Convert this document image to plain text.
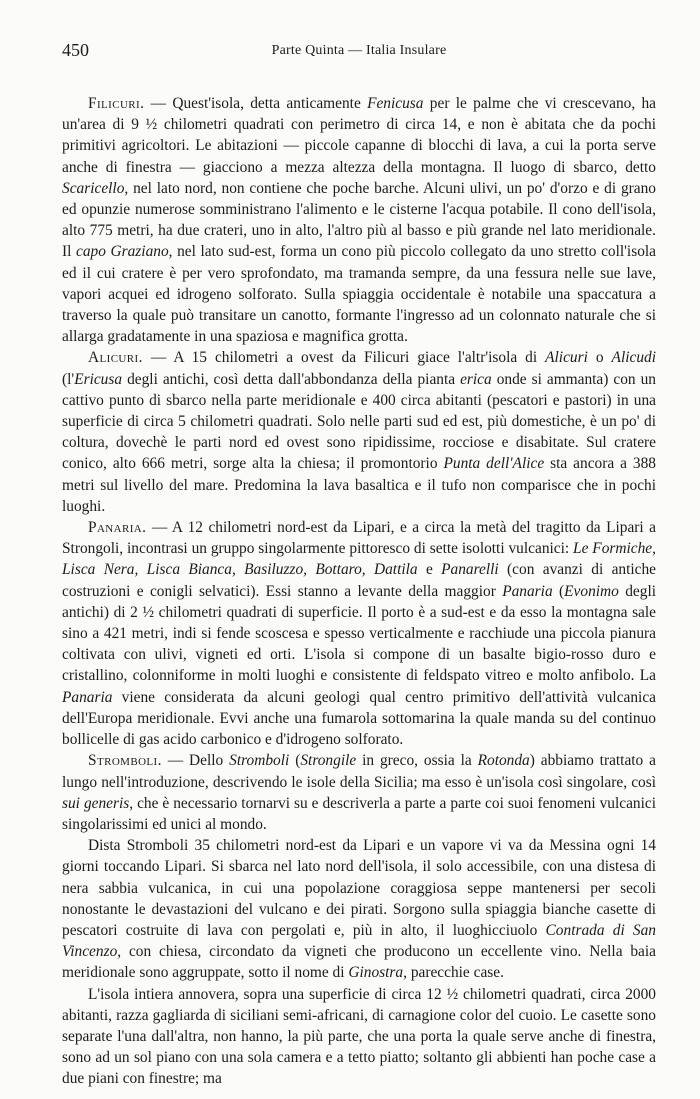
450	Parte Quinta — Italia Insulare

Filicuri. — Quest'isola, detta anticamente Fenicusa per le palme che vi crescevano, ha un'area di 9 ½ chilometri quadrati con perimetro di circa 14, e non è abitata che da pochi primitivi agricoltori. Le abitazioni — piccole capanne di blocchi di lava, a cui la porta serve anche di finestra — giacciono a mezza altezza della montagna. Il luogo di sbarco, detto Scaricello, nel lato nord, non contiene che poche barche. Alcuni ulivi, un po' d'orzo e di grano ed opunzie numerose somministrano l'alimento e le cisterne l'acqua potabile. Il cono dell'isola, alto 775 metri, ha due crateri, uno in alto, l'altro più al basso e più grande nel lato meridionale. Il capo Graziano, nel lato sud-est, forma un cono più piccolo collegato da uno stretto coll'isola ed il cui cratere è per vero sprofondato, ma tramanda sempre, da una fessura nelle sue lave, vapori acquei ed idrogeno solforato. Sulla spiaggia occidentale è notabile una spaccatura a traverso la quale può transitare un canotto, formante l'ingresso ad un colonnato naturale che si allarga gradatamente in una spaziosa e magnifica grotta.

Alicuri. — A 15 chilometri a ovest da Filicuri giace l'altr'isola di Alicuri o Alicudi (l'Ericusa degli antichi, così detta dall'abbondanza della pianta erica onde si ammanta) con un cattivo punto di sbarco nella parte meridionale e 400 circa abitanti (pescatori e pastori) in una superficie di circa 5 chilometri quadrati. Solo nelle parti sud ed est, più domestiche, è un po' di coltura, dovechè le parti nord ed ovest sono ripidissime, rocciose e disabitate. Sul cratere conico, alto 666 metri, sorge alta la chiesa; il promontorio Punta dell'Alice sta ancora a 388 metri sul livello del mare. Predomina la lava basaltica e il tufo non comparisce che in pochi luoghi.

Panaria. — A 12 chilometri nord-est da Lipari, e a circa la metà del tragitto da Lipari a Strongoli, incontrasi un gruppo singolarmente pittoresco di sette isolotti vulcanici: Le Formiche, Lisca Nera, Lisca Bianca, Basiluzzo, Bottaro, Dattila e Panarelli (con avanzi di antiche costruzioni e conigli selvatici). Essi stanno a levante della maggior Panaria (Evonimo degli antichi) di 2 ½ chilometri quadrati di superficie. Il porto è a sud-est e da esso la montagna sale sino a 421 metri, indi si fende scoscesa e spesso verticalmente e racchiude una piccola pianura coltivata con ulivi, vigneti ed orti. L'isola si compone di un basalte bigio-rosso duro e cristallino, colonniforme in molti luoghi e consistente di feldspato vitreo e molto anfibolo. La Panaria viene considerata da alcuni geologi qual centro primitivo dell'attività vulcanica dell'Europa meridionale. Evvi anche una fumarola sottomarina la quale manda su del continuo bollicelle di gas acido carbonico e d'idrogeno solforato.

Stromboli. — Dello Stromboli (Strongile in greco, ossia la Rotonda) abbiamo trattato a lungo nell'introduzione, descrivendo le isole della Sicilia; ma esso è un'isola così singolare, così sui generis, che è necessario tornarvi su e descriverla a parte a parte coi suoi fenomeni vulcanici singolarissimi ed unici al mondo.

Dista Stromboli 35 chilometri nord-est da Lipari e un vapore vi va da Messina ogni 14 giorni toccando Lipari. Si sbarca nel lato nord dell'isola, il solo accessibile, con una distesa di nera sabbia vulcanica, in cui una popolazione coraggiosa seppe mantenersi per secoli nonostante le devastazioni del vulcano e dei pirati. Sorgono sulla spiaggia bianche casette di pescatori costruite di lava con pergolati e, più in alto, il luoghicciuolo Contrada di San Vincenzo, con chiesa, circondato da vigneti che producono un eccellente vino. Nella baia meridionale sono aggruppate, sotto il nome di Ginostra, parecchie case.

L'isola intiera annovera, sopra una superficie di circa 12 ½ chilometri quadrati, circa 2000 abitanti, razza gagliarda di siciliani semi-africani, di carnagione color del cuoio. Le casette sono separate l'una dall'altra, non hanno, la più parte, che una porta la quale serve anche di finestra, sono ad un sol piano con una sola camera e a tetto piatto; soltanto gli abbienti han poche case a due piani con finestre; ma
